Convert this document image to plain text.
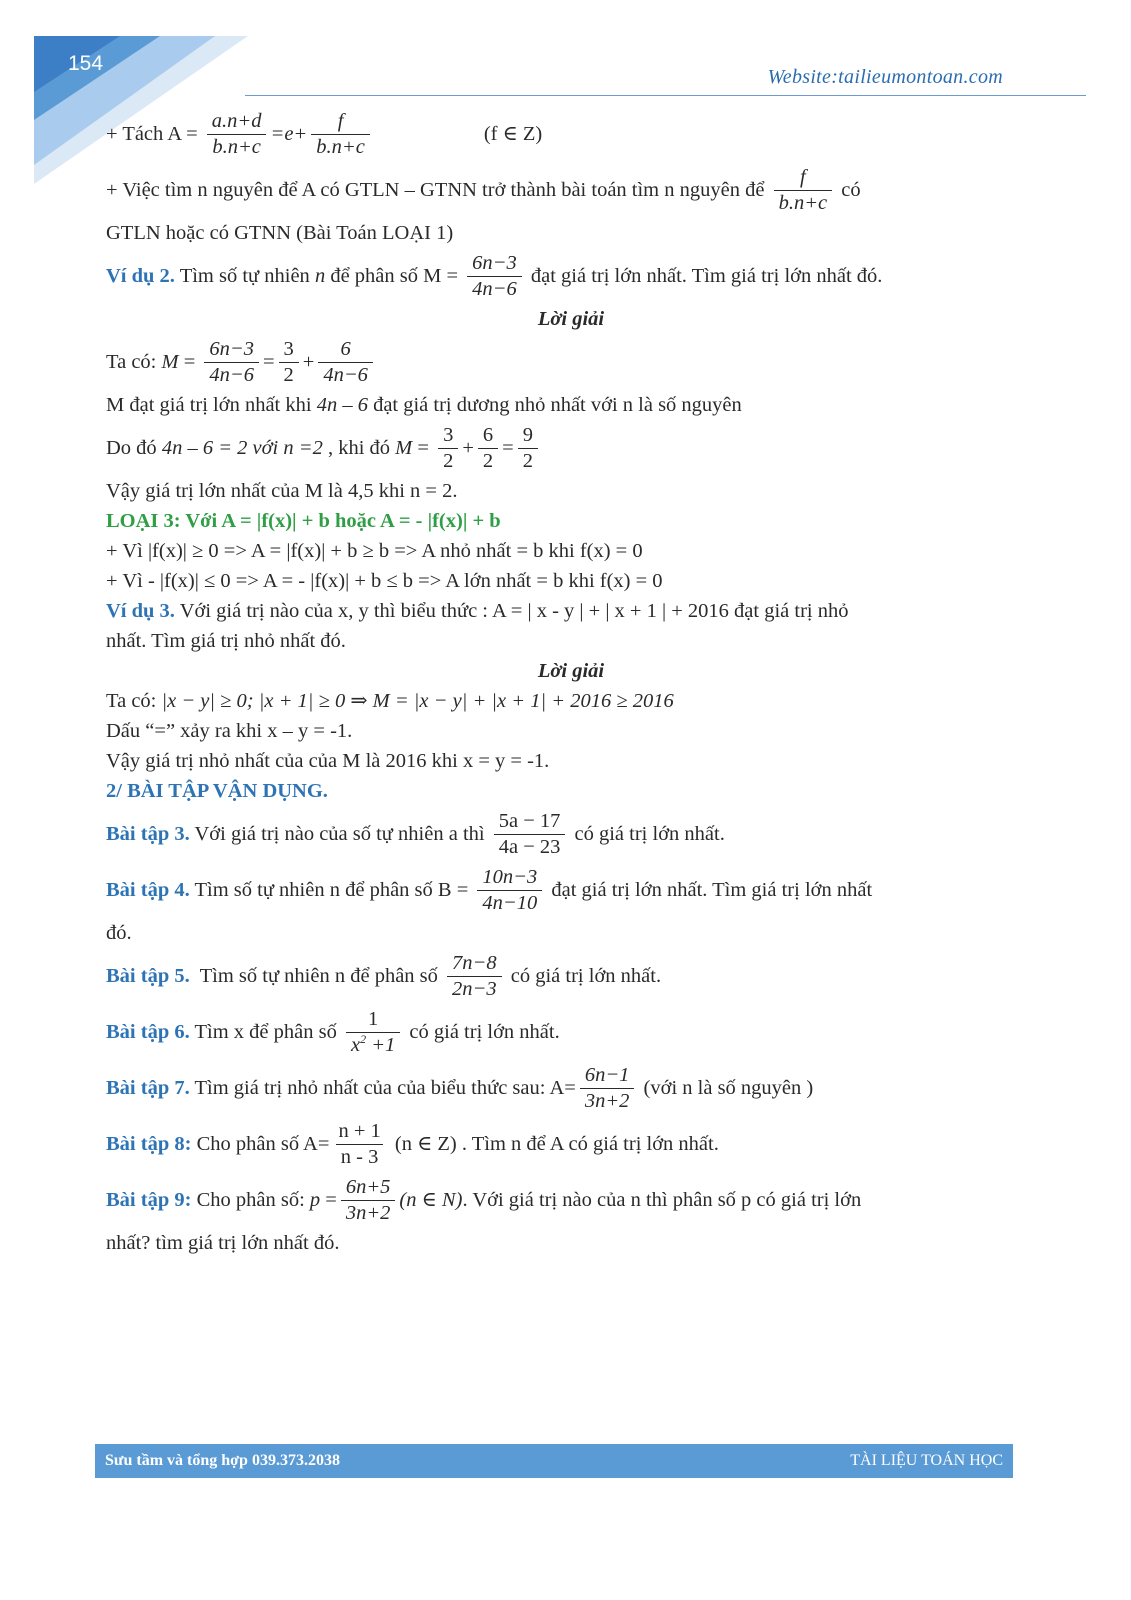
154
Website:tailieumontoan.com
+ Tách $A = \frac{a.n+d}{b.n+c} =e+ \frac{f}{b.n+c}$	(f ∈ Z)
+ Việc tìm n nguyên để A có GTLN – GTNN trở thành bài toán tìm n nguyên để $\frac{f}{b.n+c}$ có
GTLN hoặc có GTNN (Bài Toán LOẠI 1)
Ví dụ 2. Tìm số tự nhiên n để phân số $M = \frac{6n-3}{4n-6}$ đạt giá trị lớn nhất. Tìm giá trị lớn nhất đó.
Lời giải
Ta có: $M = \frac{6n-3}{4n-6} = \frac{3}{2} + \frac{6}{4n-6}$
M đạt giá trị lớn nhất khi 4n – 6 đạt giá trị dương nhỏ nhất với n là số nguyên
Do đó 4n – 6 = 2 với n =2 , khi đó $M = \frac{3}{2} + \frac{6}{2} = \frac{9}{2}$
Vậy giá trị lớn nhất của M là 4,5 khi n = 2.
LOẠI 3: Với A = |f(x)| + b hoặc A = - |f(x)| + b
+ Vì |f(x)| ≥ 0 => A = |f(x)| + b ≥ b => A nhỏ nhất = b khi f(x) = 0
+ Vì - |f(x)| ≤ 0 => A = - |f(x)| + b ≤ b => A lớn nhất = b khi f(x) = 0
Ví dụ 3. Với giá trị nào của x, y thì biểu thức : A = | x - y | + | x + 1 | + 2016 đạt giá trị nhỏ
nhất. Tìm giá trị nhỏ nhất đó.
Lời giải
Ta có: |x − y| ≥ 0; |x + 1| ≥ 0 ⇒ M = |x − y| + |x + 1| + 2016 ≥ 2016
Dấu “=” xảy ra khi x – y = -1.
Vậy giá trị nhỏ nhất của của M là 2016 khi x = y = -1.
2/ BÀI TẬP VẬN DỤNG.
Bài tập 3. Với giá trị nào của số tự nhiên a thì $\frac{5a - 17}{4a - 23}$ có giá trị lớn nhất.
Bài tập 4. Tìm số tự nhiên n để phân số $B = \frac{10n-3}{4n-10}$ đạt giá trị lớn nhất. Tìm giá trị lớn nhất
đó.
Bài tập 5. Tìm số tự nhiên n để phân số $\frac{7n-8}{2n-3}$ có giá trị lớn nhất.
Bài tập 6. Tìm x để phân số $\frac{1}{x^2 +1}$ có giá trị lớn nhất.
Bài tập 7. Tìm giá trị nhỏ nhất của của biểu thức sau: $A= \frac{6n-1}{3n+2}$ (với n là số nguyên )
Bài tập 8: Cho phân số $A= \frac{n + 1}{n - 3} (n$ ∈ Z) . Tìm n để A có giá trị lớn nhất.
Bài tập 9: Cho phân số: $p = \frac{6n+5}{3n+2} (n$ ∈ N) . Với giá trị nào của n thì phân số p có giá trị lớn
nhất? tìm giá trị lớn nhất đó.
Sưu tầm và tổng hợp 039.373.2038	TÀI LIỆU TOÁN HỌC
